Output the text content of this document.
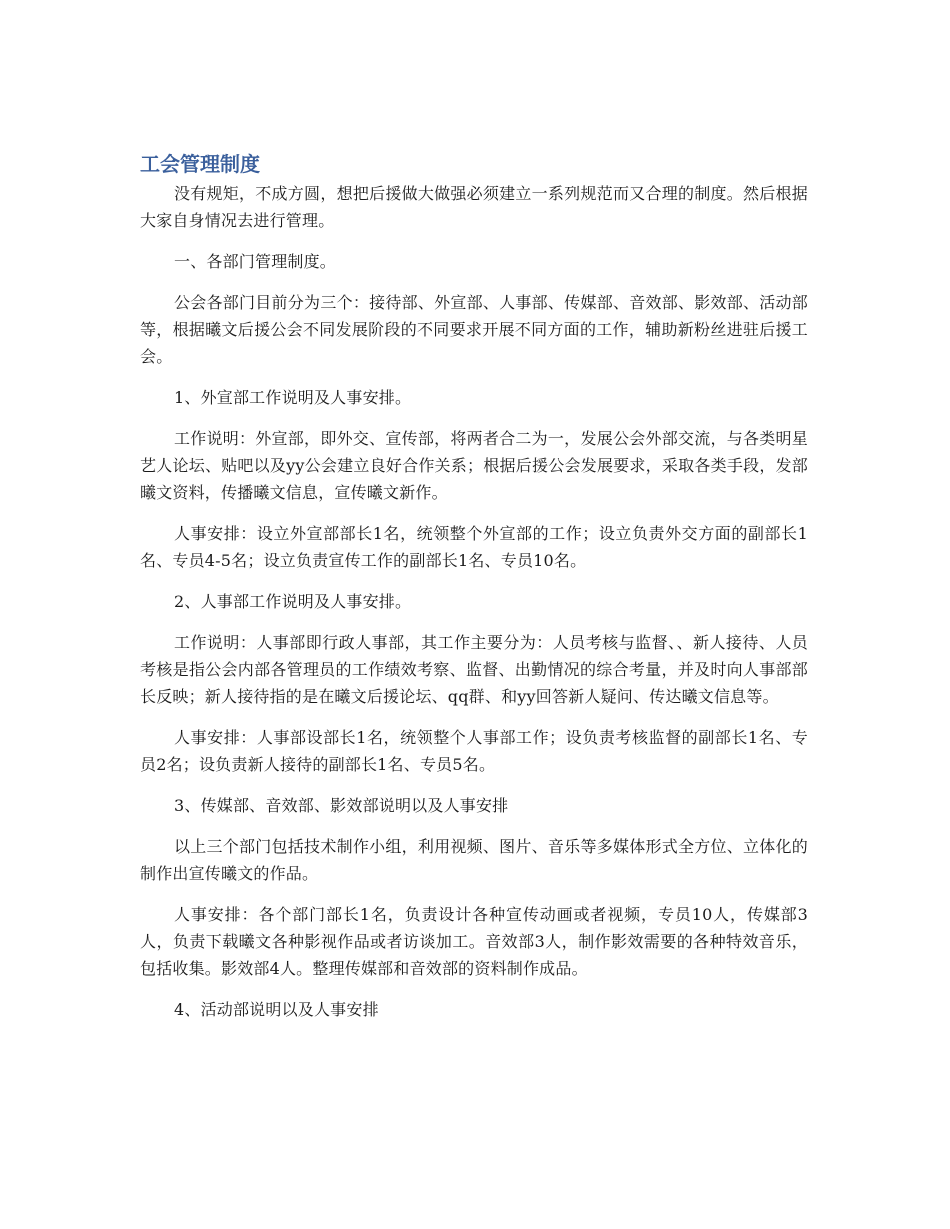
工会管理制度

没有规矩，不成方圆，想把后援做大做强必须建立一系列规范而又合理的制度。然后根据大家自身情况去进行管理。

一、各部门管理制度。

公会各部门目前分为三个：接待部、外宣部、人事部、传媒部、音效部、影效部、活动部等，根据曦文后援公会不同发展阶段的不同要求开展不同方面的工作，辅助新粉丝进驻后援工会。

1、外宣部工作说明及人事安排。

工作说明：外宣部，即外交、宣传部，将两者合二为一，发展公会外部交流，与各类明星艺人论坛、贴吧以及yy公会建立良好合作关系；根据后援公会发展要求，采取各类手段，发部曦文资料，传播曦文信息，宣传曦文新作。

人事安排：设立外宣部部长1名，统领整个外宣部的工作；设立负责外交方面的副部长1名、专员4-5名；设立负责宣传工作的副部长1名、专员10名。

2、人事部工作说明及人事安排。

工作说明：人事部即行政人事部，其工作主要分为：人员考核与监督、、新人接待、人员考核是指公会内部各管理员的工作绩效考察、监督、出勤情况的综合考量，并及时向人事部部长反映；新人接待指的是在曦文后援论坛、qq群、和yy回答新人疑问、传达曦文信息等。

人事安排：人事部设部长1名，统领整个人事部工作；设负责考核监督的副部长1名、专员2名；设负责新人接待的副部长1名、专员5名。

3、传媒部、音效部、影效部说明以及人事安排

以上三个部门包括技术制作小组，利用视频、图片、音乐等多媒体形式全方位、立体化的制作出宣传曦文的作品。

人事安排：各个部门部长1名，负责设计各种宣传动画或者视频，专员10人，传媒部3人，负责下载曦文各种影视作品或者访谈加工。音效部3人，制作影效需要的各种特效音乐，包括收集。影效部4人。整理传媒部和音效部的资料制作成品。

4、活动部说明以及人事安排
